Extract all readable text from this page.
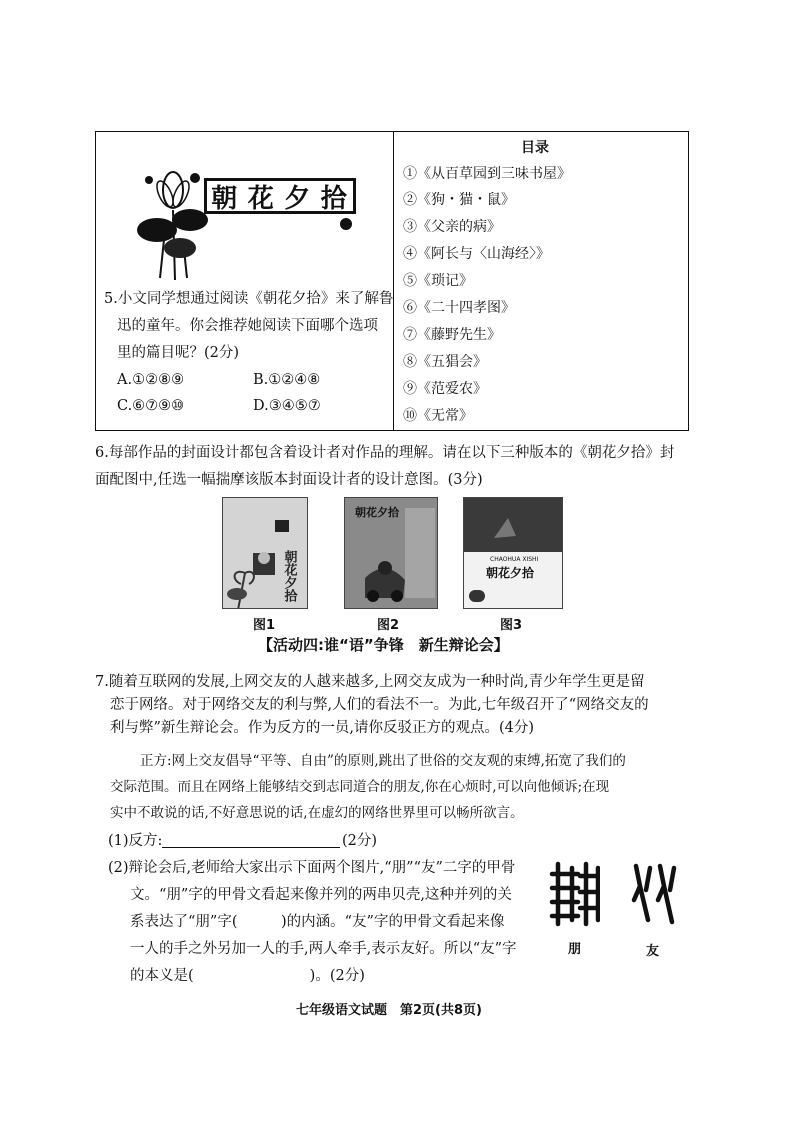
朝 花 夕 拾
目录
①《从百草园到三味书屋》
②《狗・猫・鼠》
③《父亲的病》
④《阿长与〈山海经〉》
⑤《琐记》
⑥《二十四孝图》
⑦《藤野先生》
⑧《五猖会》
⑨《范爱农》
⑩《无常》
5.小文同学想通过阅读《朝花夕拾》来了解鲁
迅的童年。你会推荐她阅读下面哪个选项
里的篇目呢？(2分)
A.①②⑧⑨	B.①②④⑧
C.⑥⑦⑨⑩	D.③④⑤⑦
6.每部作品的封面设计都包含着设计者对作品的理解。请在以下三种版本的《朝花夕拾》封
面配图中,任选一幅揣摩该版本封面设计者的设计意图。(3分)
朝花夕拾
朝花夕拾
CHAOHUA XISHI
朝花夕拾
图1	图2	图3
【活动四:谁“语”争锋　新生辩论会】
7.随着互联网的发展,上网交友的人越来越多,上网交友成为一种时尚,青少年学生更是留
恋于网络。对于网络交友的利与弊,人们的看法不一。为此,七年级召开了“网络交友的
利与弊”新生辩论会。作为反方的一员,请你反驳正方的观点。(4分)
正方:网上交友倡导“平等、自由”的原则,跳出了世俗的交友观的束缚,拓宽了我们的
交际范围。而且在网络上能够结交到志同道合的朋友,你在心烦时,可以向他倾诉;在现
实中不敢说的话,不好意思说的话,在虚幻的网络世界里可以畅所欲言。
(1)反方:	(2分)
(2)辩论会后,老师给大家出示下面两个图片,“朋”“友”二字的甲骨
文。“朋”字的甲骨文看起来像并列的两串贝壳,这种并列的关
系表达了“朋”字(　　　)的内涵。“友”字的甲骨文看起来像
一人的手之外另加一人的手,两人牵手,表示友好。所以“友”字
的本义是(　　　　　　　　)。(2分)
朋	友
七年级语文试题　第2页(共8页)
